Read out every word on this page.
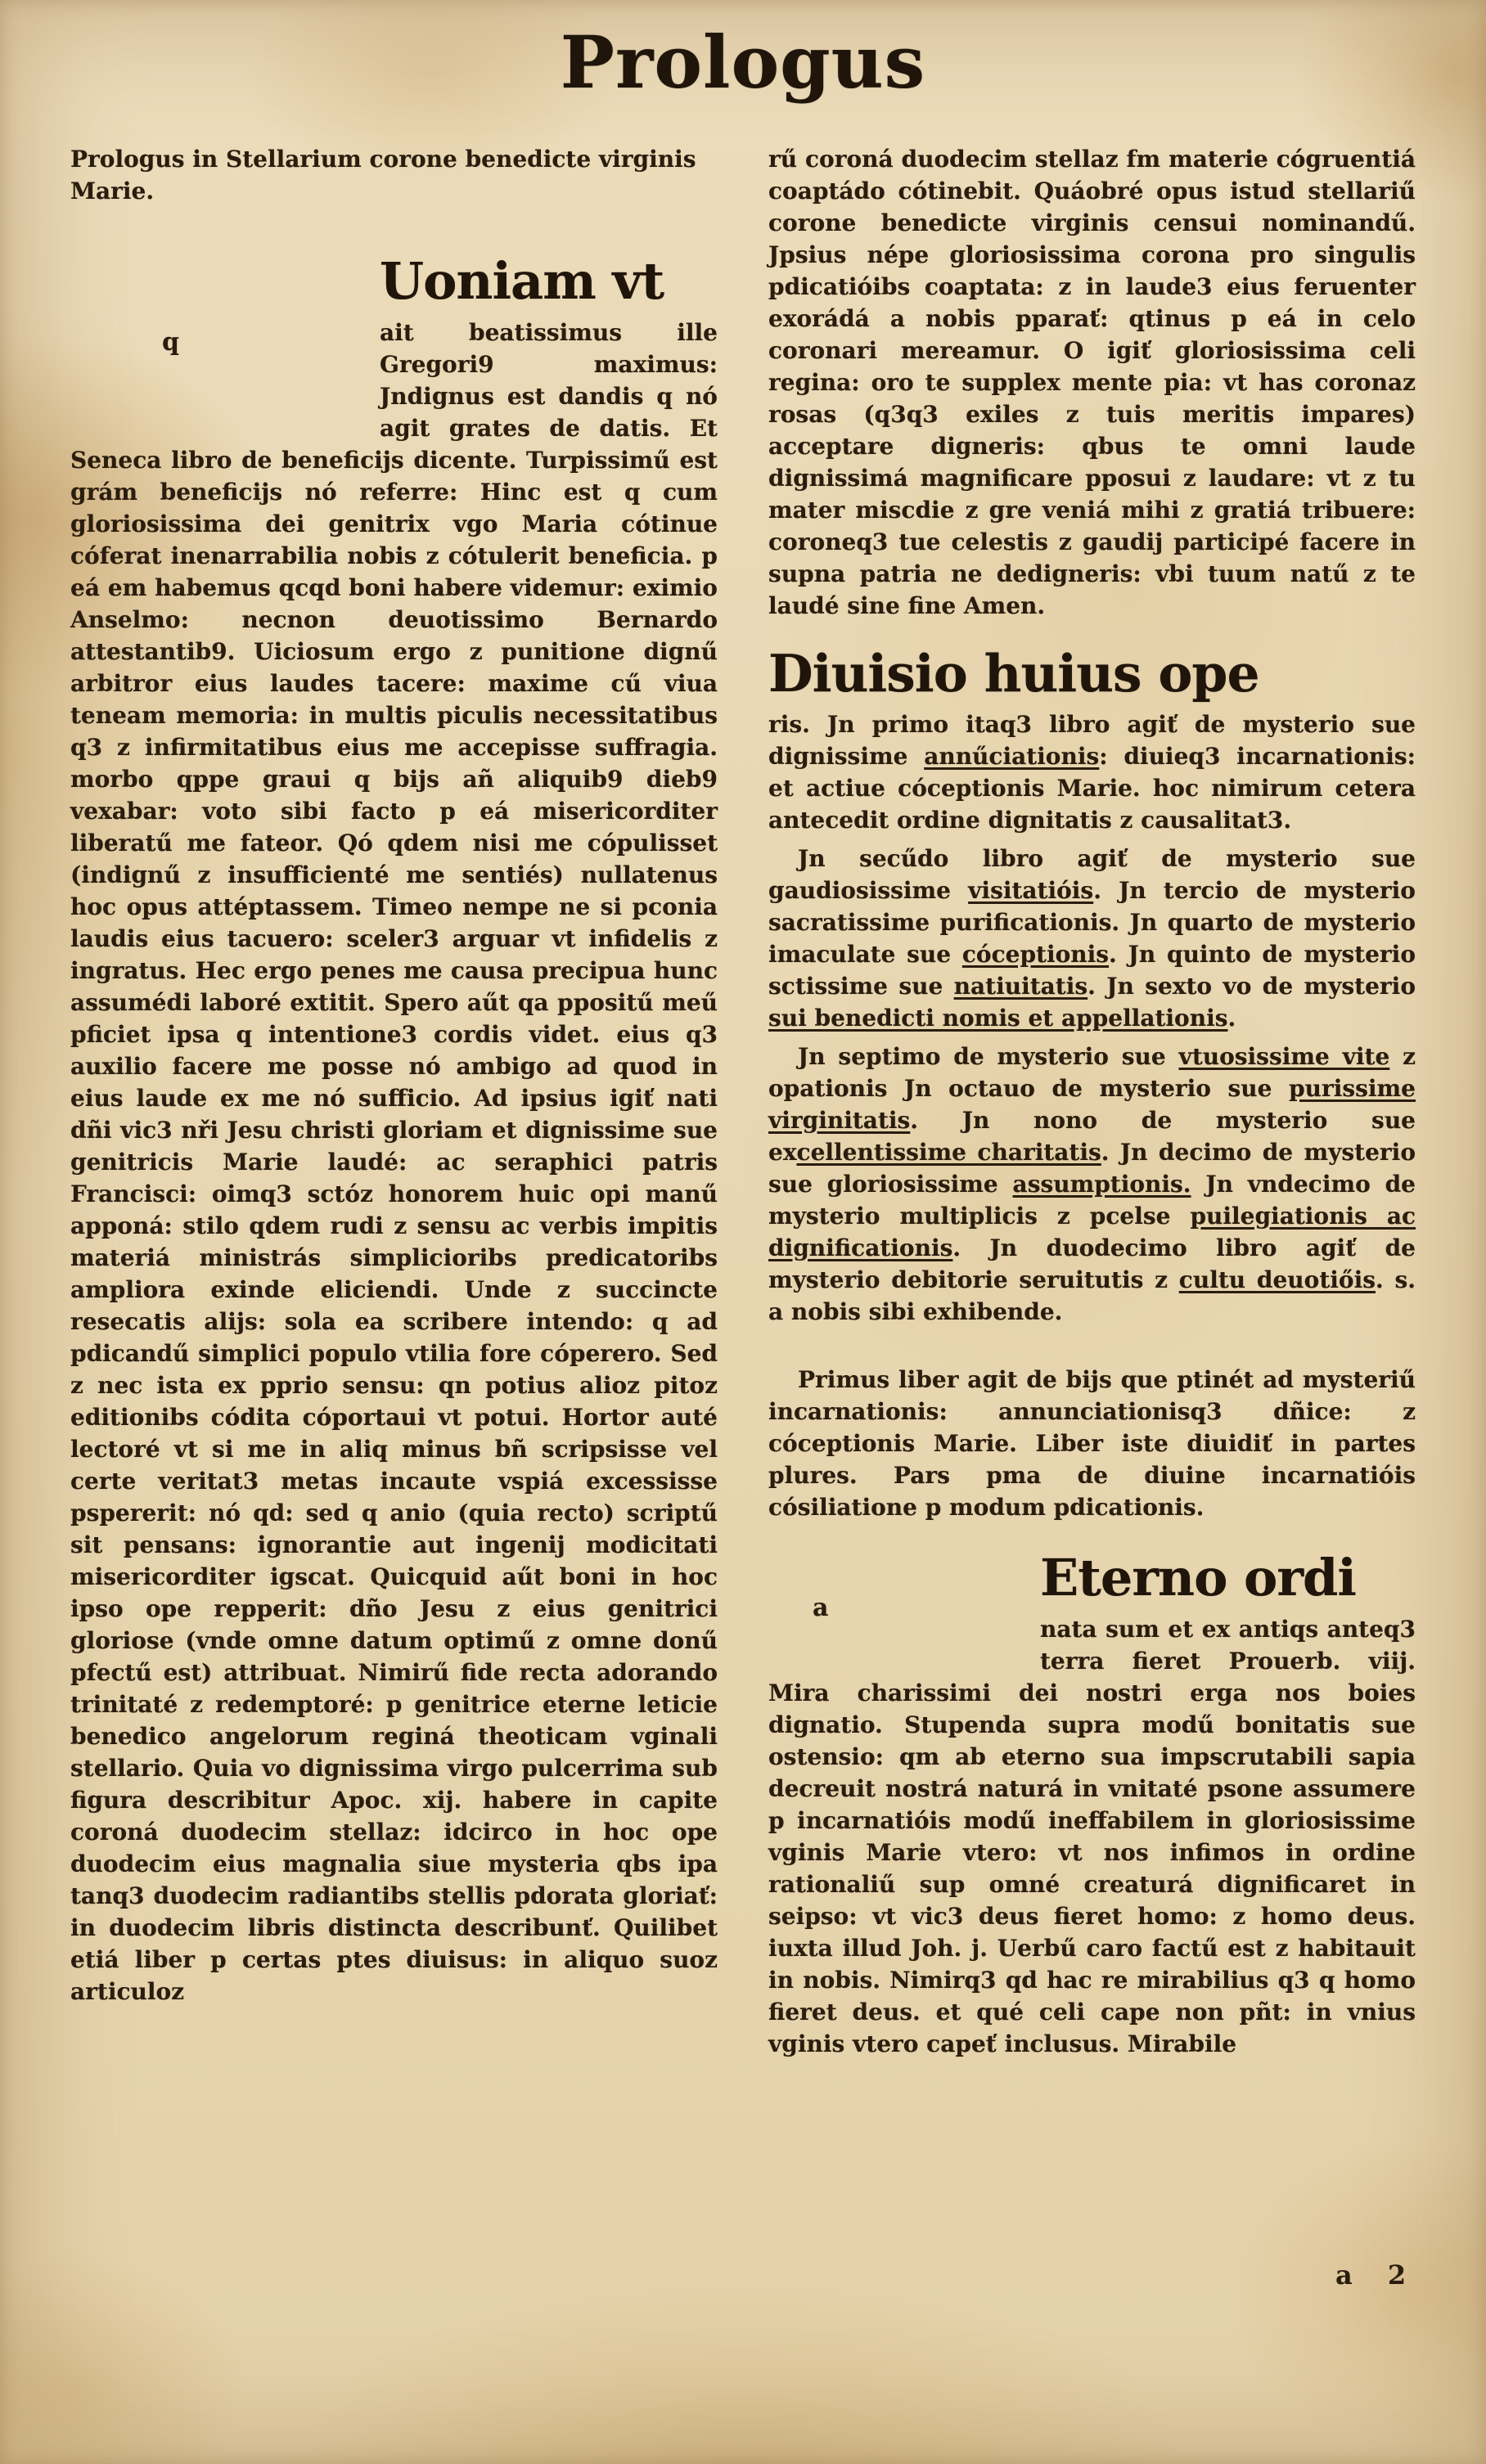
Prologus

Prologus in Stellarium corone benedicte virginis Marie.

q
Uoniam vt
ait beatissimus ille Gregori9 maximus: Jndignus est dandis q nó agit grates de datis. Et Seneca libro de beneficijs dicente. Turpissimű est grám beneficijs nó referre: Hinc est q cum gloriosissima dei genitrix vgo Maria cótinue cóferat inenarrabilia nobis z cótulerit beneficia. p eá em habemus qcqd boni habere videmur: eximio Anselmo: necnon deuotissimo Bernardo attestantib9. Uiciosum ergo z punitione dignű arbitror eius laudes tacere: maxime cű viua teneam memoria: in multis piculis necessitatibus q3 z infirmitatibus eius me accepisse suffragia. morbo qppe graui q bijs añ aliquib9 dieb9 vexabar: voto sibi facto p eá misericorditer liberatű me fateor. Qó qdem nisi me cópulisset (indignű z insufficienté me sentiés) nullatenus hoc opus attéptassem. Timeo nempe ne si pconia laudis eius tacuero: sceler3 arguar vt infidelis z ingratus. Hec ergo penes me causa precipua hunc assumédi laboré extitit. Spero aűt qa ppositű meű pficiet ipsa q intentione3 cordis videt. eius q3 auxilio facere me posse nó ambigo ad quod in eius laude ex me nó sufficio. Ad ipsius igiť nati dñi vic3 nři Jesu christi gloriam et dignissime sue genitricis Marie laudé: ac seraphici patris Francisci: oimq3 sctóz honorem huic opi manű apponá: stilo qdem rudi z sensu ac verbis impitis materiá ministrás simplicioribs predicatoribs ampliora exinde eliciendi. Unde z succincte resecatis alijs: sola ea scribere intendo: q ad pdicandű simplici populo vtilia fore cóperero. Sed z nec ista ex pprio sensu: qn potius alioz pitoz editionibs códita cóportaui vt potui. Hortor auté lectoré vt si me in aliq minus bñ scripsisse vel certe veritat3 metas incaute vspiá excessisse pspererit: nó qd: sed q anio (quia recto) scriptű sit pensans: ignorantie aut ingenij modicitati misericorditer igscat. Quicquid aűt boni in hoc ipso ope repperit: dño Jesu z eius genitrici gloriose (vnde omne datum optimű z omne donű pfectű est) attribuat. Nimirű fide recta adorando trinitaté z redemptoré: p genitrice eterne leticie benedico angelorum reginá theoticam vginali stellario. Quia vo dignissima virgo pulcerrima sub figura describitur Apoc. xij. habere in capite coroná duodecim stellaz: idcirco in hoc ope duodecim eius magnalia siue mysteria qbs ipa tanq3 duodecim radiantibs stellis pdorata gloriať: in duodecim libris distincta describunť. Quilibet etiá liber p certas ptes diuisus: in aliquo suoz articuloz

rű coroná duodecim stellaz fm materie cógruentiá coaptádo cótinebit. Quáobré opus istud stellariű corone benedicte virginis censui nominandű. Jpsius népe gloriosissima corona pro singulis pdicatióibs coaptata: z in laude3 eius feruenter exorádá a nobis pparať: qtinus p eá in celo coronari mereamur. O igiť gloriosissima celi regina: oro te supplex mente pia: vt has coronaz rosas (q3q3 exiles z tuis meritis impares) acceptare digneris: qbus te omni laude dignissimá magnificare pposui z laudare: vt z tu mater miscdie z gre veniá mihi z gratiá tribuere: coroneq3 tue celestis z gaudij participé facere in supna patria ne dedigneris: vbi tuum natű z te laudé sine fine Amen.

Diuisio huius ope

ris. Jn primo itaq3 libro agiť de mysterio sue dignissime annűciationis: diuieq3 incarnationis: et actiue cóceptionis Marie. hoc nimirum cetera antecedit ordine dignitatis z causalitat3.

Jn secűdo libro agiť de mysterio sue gaudiosissime visitatióis. Jn tercio de mysterio sacratissime purificationis. Jn quarto de mysterio imaculate sue cóceptionis. Jn quinto de mysterio sctissime sue natiuitatis. Jn sexto vo de mysterio sui benedicti nomis et appellationis.

Jn septimo de mysterio sue vtuosissime vite z opationis Jn octauo de mysterio sue purissime virginitatis. Jn nono de mysterio sue excellentissime charitatis. Jn decimo de mysterio sue gloriosissime assumptionis. Jn vndecimo de mysterio multiplicis z pcelse puilegiationis ac dignificationis. Jn duodecimo libro agiť de mysterio debitorie seruitutis z cultu deuotiőis. s. a nobis sibi exhibende.

Primus liber agit de bijs que ptinét ad mysteriű incarnationis: annunciationisq3 dñice: z cóceptionis Marie. Liber iste diuidiť in partes plures. Pars pma de diuine incarnatióis cósiliatione p modum pdicationis.

a
Eterno ordi
nata sum et ex antiqs anteq3 terra fieret Prouerb. viij. Mira charissimi dei nostri erga nos boies dignatio. Stupenda supra modű bonitatis sue ostensio: qm ab eterno sua impscrutabili sapia decreuit nostrá naturá in vnitaté psone assumere p incarnatióis modű ineffabilem in gloriosissime vginis Marie vtero: vt nos infimos in ordine rationaliű sup omné creaturá dignificaret in seipso: vt vic3 deus fieret homo: z homo deus. iuxta illud Joh. j. Uerbű caro factű est z habitauit in nobis. Nimirq3 qd hac re mirabilius q3 q homo fieret deus. et qué celi cape non pñt: in vnius vginis vtero capeť inclusus. Mirabile
a 2
